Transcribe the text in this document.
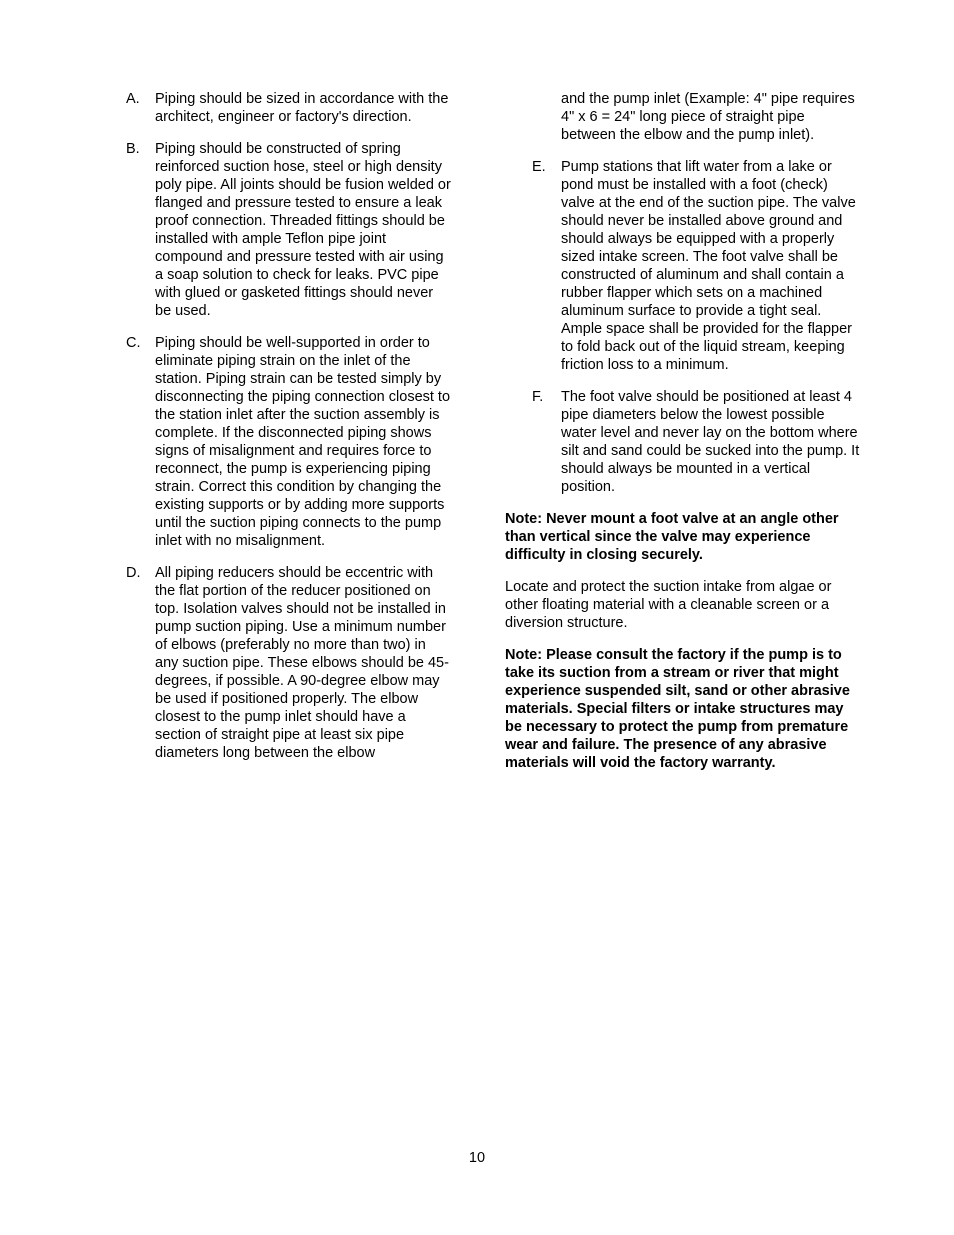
A. Piping should be sized in accordance with the architect, engineer or factory's direction.
B. Piping should be constructed of spring reinforced suction hose, steel or high density poly pipe. All joints should be fusion welded or flanged and pressure tested to ensure a leak proof connection. Threaded fittings should be installed with ample Teflon pipe joint compound and pressure tested with air using a soap solution to check for leaks. PVC pipe with glued or gasketed fittings should never be used.
C. Piping should be well-supported in order to eliminate piping strain on the inlet of the station. Piping strain can be tested simply by disconnecting the piping connection closest to the station inlet after the suction assembly is complete. If the disconnected piping shows signs of misalignment and requires force to reconnect, the pump is experiencing piping strain. Correct this condition by changing the existing supports or by adding more supports until the suction piping connects to the pump inlet with no misalignment.
D. All piping reducers should be eccentric with the flat portion of the reducer positioned on top. Isolation valves should not be installed in pump suction piping. Use a minimum number of elbows (preferably no more than two) in any suction pipe. These elbows should be 45-degrees, if possible. A 90-degree elbow may be used if positioned properly. The elbow closest to the pump inlet should have a section of straight pipe at least six pipe diameters long between the elbow
and the pump inlet (Example: 4" pipe requires 4" x 6 = 24" long piece of straight pipe between the elbow and the pump inlet).
E. Pump stations that lift water from a lake or pond must be installed with a foot (check) valve at the end of the suction pipe. The valve should never be installed above ground and should always be equipped with a properly sized intake screen. The foot valve shall be constructed of aluminum and shall contain a rubber flapper which sets on a machined aluminum surface to provide a tight seal. Ample space shall be provided for the flapper to fold back out of the liquid stream, keeping friction loss to a minimum.
F. The foot valve should be positioned at least 4 pipe diameters below the lowest possible water level and never lay on the bottom where silt and sand could be sucked into the pump. It should always be mounted in a vertical position.
Note: Never mount a foot valve at an angle other than vertical since the valve may experience difficulty in closing securely.
Locate and protect the suction intake from algae or other floating material with a cleanable screen or a diversion structure.
Note: Please consult the factory if the pump is to take its suction from a stream or river that might experience suspended silt, sand or other abrasive materials. Special filters or intake structures may be necessary to protect the pump from premature wear and failure. The presence of any abrasive materials will void the factory warranty.
10
